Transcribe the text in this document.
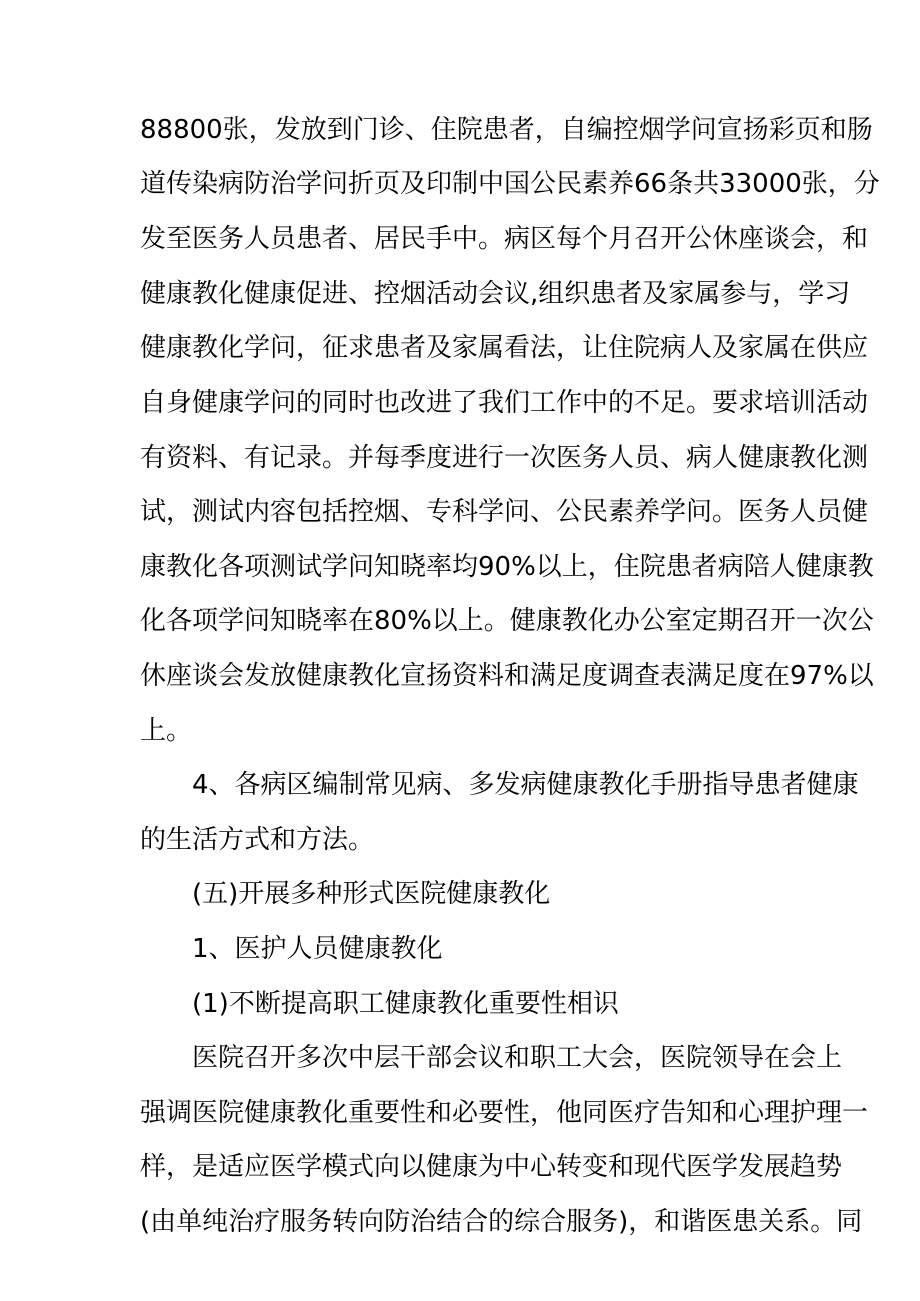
88800张，发放到门诊、住院患者，自编控烟学问宣扬彩页和肠
道传染病防治学问折页及印制中国公民素养66条共33000张，分
发至医务人员患者、居民手中。病区每个月召开公休座谈会，和
健康教化健康促进、控烟活动会议,组织患者及家属参与，学习
健康教化学问，征求患者及家属看法，让住院病人及家属在供应
自身健康学问的同时也改进了我们工作中的不足。要求培训活动
有资料、有记录。并每季度进行一次医务人员、病人健康教化测
试，测试内容包括控烟、专科学问、公民素养学问。医务人员健
康教化各项测试学问知晓率均90%以上，住院患者病陪人健康教
化各项学问知晓率在80%以上。健康教化办公室定期召开一次公
休座谈会发放健康教化宣扬资料和满足度调查表满足度在97%以
上。
4、各病区编制常见病、多发病健康教化手册指导患者健康
的生活方式和方法。
(五)开展多种形式医院健康教化
1、医护人员健康教化
(1)不断提高职工健康教化重要性相识
医院召开多次中层干部会议和职工大会，医院领导在会上
强调医院健康教化重要性和必要性，他同医疗告知和心理护理一
样，是适应医学模式向以健康为中心转变和现代医学发展趋势
(由单纯治疗服务转向防治结合的综合服务)，和谐医患关系。同
